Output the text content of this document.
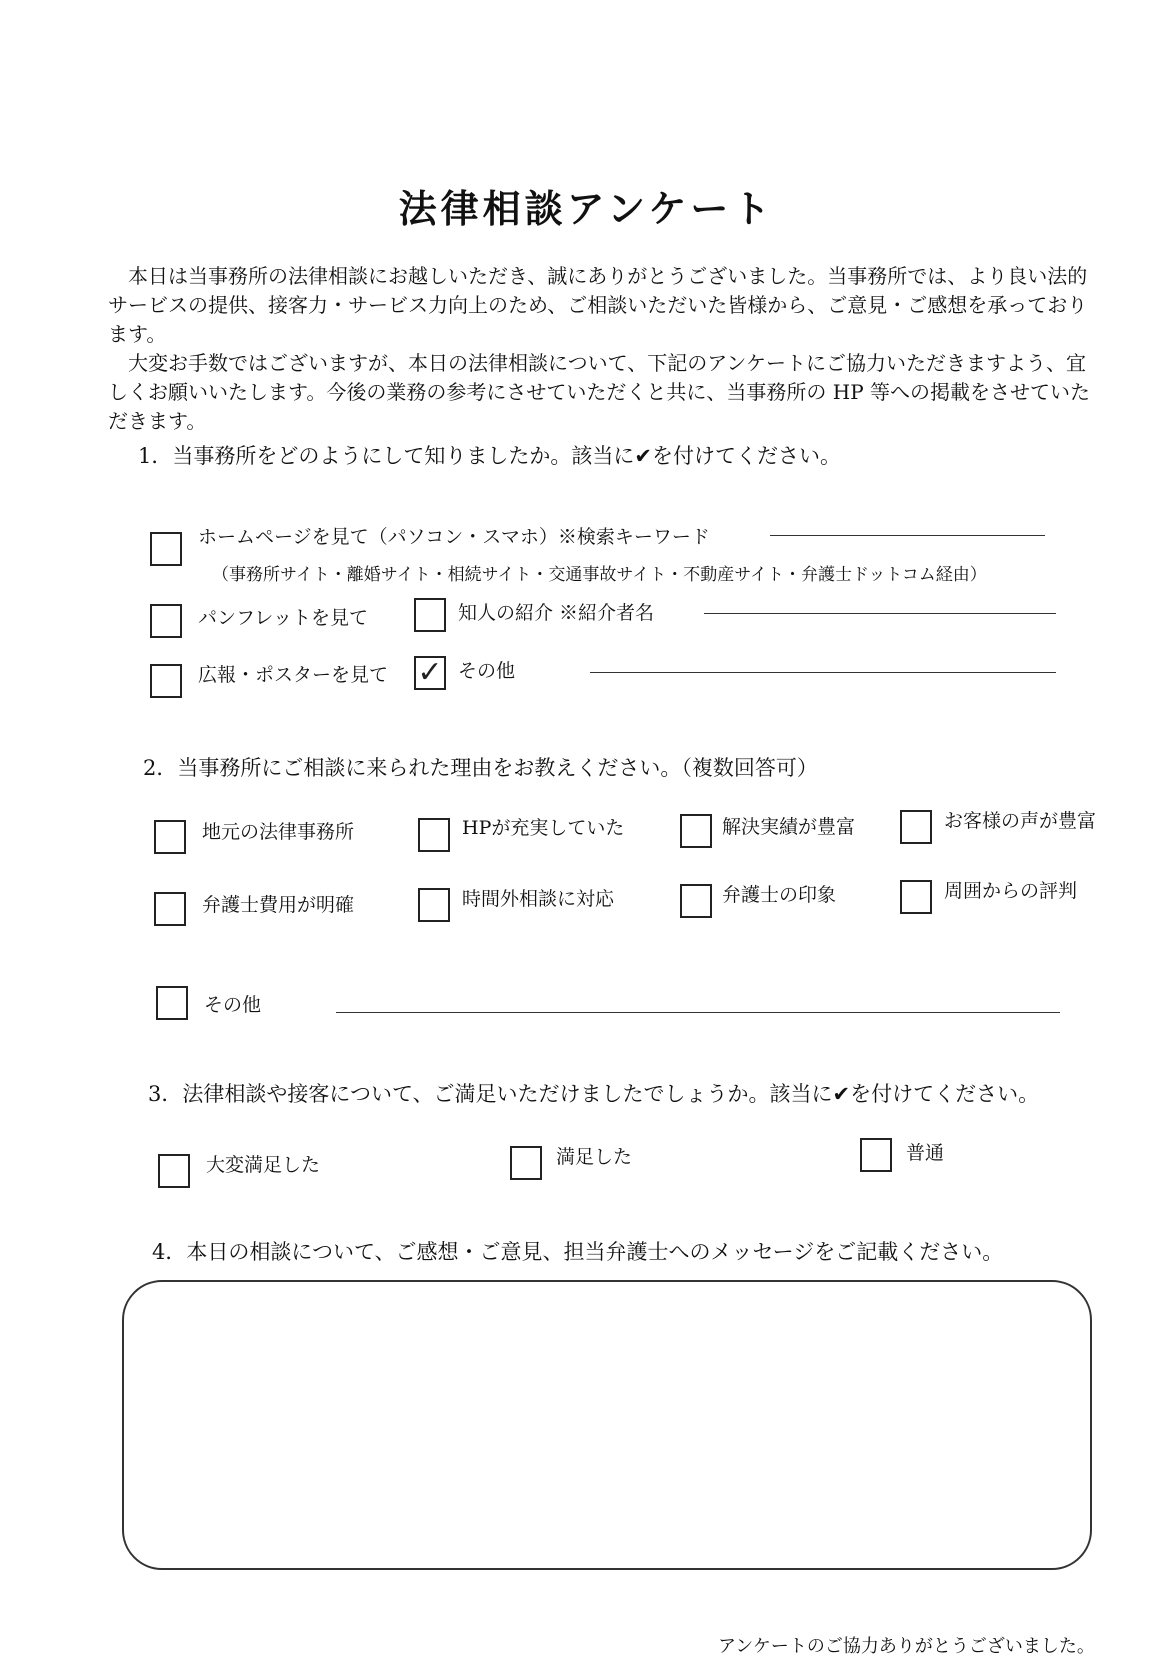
法律相談アンケート

本日は当事務所の法律相談にお越しいただき、誠にありがとうございました。当事務所では、より良い法的サービスの提供、接客力・サービス力向上のため、ご相談いただいた皆様から、ご意見・ご感想を承っております。

大変お手数ではございますが、本日の法律相談について、下記のアンケートにご協力いただきますよう、宜しくお願いいたします。今後の業務の参考にさせていただくと共に、当事務所の HP 等への掲載をさせていただきます。

1．当事務所をどのようにして知りましたか。該当に✔を付けてください。
ホームページを見て（パソコン・スマホ）※検索キーワード
（事務所サイト・離婚サイト・相続サイト・交通事故サイト・不動産サイト・弁護士ドットコム経由）
パンフレットを見て	知人の紹介 ※紹介者名
広報・ポスターを見て ✓ その他
2．当事務所にご相談に来られた理由をお教えください。（複数回答可）
地元の法律事務所	HPが充実していた	解決実績が豊富	お客様の声が豊富
弁護士費用が明確	時間外相談に対応	弁護士の印象	周囲からの評判
その他
3．法律相談や接客について、ご満足いただけましたでしょうか。該当に✔を付けてください。
大変満足した	満足した	普通
4．本日の相談について、ご感想・ご意見、担当弁護士へのメッセージをご記載ください。
アンケートのご協力ありがとうございました。
